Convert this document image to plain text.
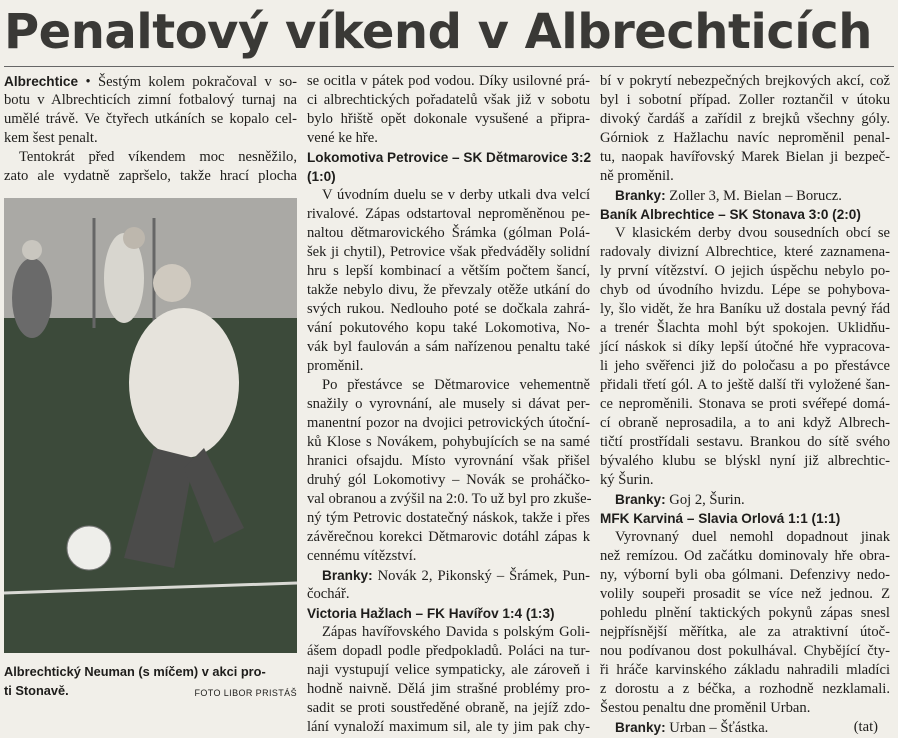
Penaltový víkend v Albrechticích
Albrechtice • Šestým kolem pokračoval v so-
botu v Albrechticích zimní fotbalový turnaj na
umělé trávě. Ve čtyřech utkáních se kopalo cel-
kem šest penalt.
Tentokrát před víkendem moc nesněžilo,
zato ale vydatně zapršelo, takže hrací plocha
Albrechtický Neuman (s míčem) v akci pro-
ti Stonavě.	FOTO LIBOR PRISTÁŠ
se ocitla v pátek pod vodou. Díky usilovné prá-
ci albrechtických pořadatelů však již v sobotu
bylo hřiště opět dokonale vysušené a připra-
vené ke hře.
Lokomotiva Petrovice – SK Dětmarovice 3:2
(1:0)
V úvodním duelu se v derby utkali dva velcí
rivalové. Zápas odstartoval neproměněnou pe-
naltou dětmarovického Šrámka (gólman Polá-
šek ji chytil), Petrovice však předváděly solidní
hru s lepší kombinací a větším počtem šancí,
takže nebylo divu, že převzaly otěže utkání do
svých rukou. Nedlouho poté se dočkala zahrá-
vání pokutového kopu také Lokomotiva, No-
vák byl faulován a sám nařízenou penaltu také
proměnil.
Po přestávce se Dětmarovice vehementně
snažily o vyrovnání, ale musely si dávat per-
manentní pozor na dvojici petrovických útoční-
ků Klose s Novákem, pohybujících se na samé
hranici ofsajdu. Místo vyrovnání však přišel
druhý gól Lokomotivy – Novák se proháčko-
val obranou a zvýšil na 2:0. To už byl pro zkuše-
ný tým Petrovic dostatečný náskok, takže i přes
závěrečnou korekci Dětmarovic dotáhl zápas k
cennému vítězství.
Branky: Novák 2, Pikonský – Šrámek, Pun-
čochář.
Victoria Hažlach – FK Havířov 1:4 (1:3)
Zápas havířovského Davida s polským Goli-
ášem dopadl podle předpokladů. Poláci na tur-
naji vystupují velice sympaticky, ale zároveň i
hodně naivně. Dělá jim strašné problémy pro-
sadit se proti soustředěné obraně, na jejíž zdo-
lání vynaloží maximum sil, ale ty jim pak chy-
bí v pokrytí nebezpečných brejkových akcí, což
byl i sobotní případ. Zoller roztančil v útoku
divoký čardáš a zařídil z brejků všechny góly.
Górniok z Hažlachu navíc neproměnil penal-
tu, naopak havířovský Marek Bielan ji bezpeč-
ně proměnil.
Branky: Zoller 3, M. Bielan – Borucz.
Baník Albrechtice – SK Stonava 3:0 (2:0)
V klasickém derby dvou sousedních obcí se
radovaly divizní Albrechtice, které zaznamena-
ly první vítězství. O jejich úspěchu nebylo po-
chyb od úvodního hvizdu. Lépe se pohybova-
ly, šlo vidět, že hra Baníku už dostala pevný řád
a trenér Šlachta mohl být spokojen. Uklidňu-
jící náskok si díky lepší útočné hře vypracova-
li jeho svěřenci již do poločasu a po přestávce
přidali třetí gól. A to ještě další tři vyložené šan-
ce neproměnili. Stonava se proti svéřepé domá-
cí obraně neprosadila, a to ani když Albrech-
tičtí prostřídali sestavu. Brankou do sítě svého
bývalého klubu se blýskl nyní již albrechtic-
ký Šurin.
Branky: Goj 2, Šurin.
MFK Karviná – Slavia Orlová 1:1 (1:1)
Vyrovnaný duel nemohl dopadnout jinak
než remízou. Od začátku dominovaly hře obra-
ny, výborní byli oba gólmani. Defenzivy nedo-
volily soupeři prosadit se více než jednou. Z
pohledu plnění taktických pokynů zápas snesl
nejpřísnější měřítka, ale za atraktivní útoč-
nou podívanou dost pokulhával. Chybějící čty-
ři hráče karvinského základu nahradili mladíci
z dorostu a z béčka, a rozhodně nezklamali.
Šestou penaltu dne proměnil Urban.
Branky: Urban – Šťástka.	(tat)
